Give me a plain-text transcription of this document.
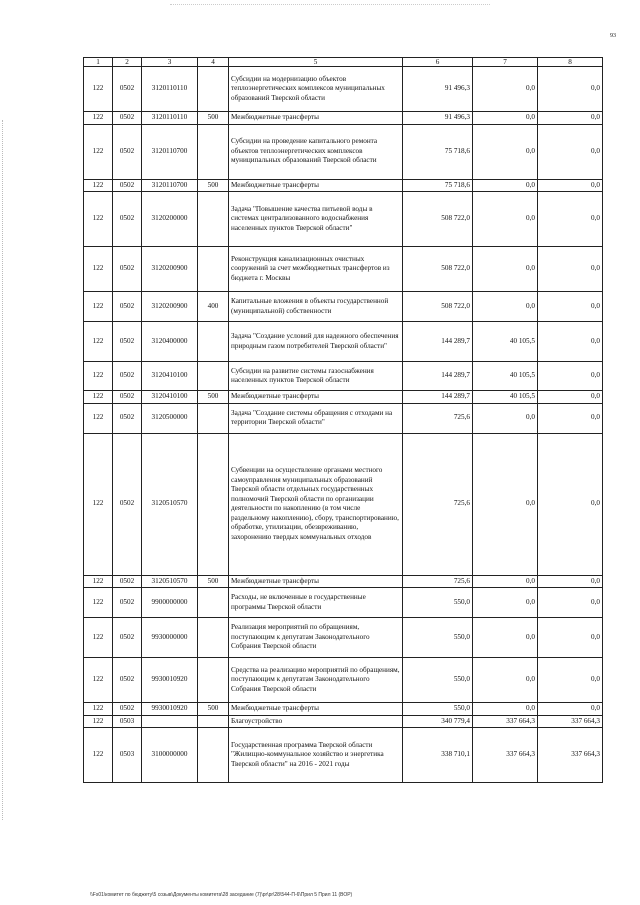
93
1	2	3	4	5	6	7	8
122	0502	3120110110		Субсидии на модернизацию объектов теплоэнергетических комплексов муниципальных образований Тверской области	91 496,3	0,0	0,0
122	0502	3120110110	500	Межбюджетные трансферты	91 496,3	0,0	0,0
122	0502	3120110700		Субсидии на проведение капитального ремонта объектов теплоэнергетических комплексов муниципальных образований Тверской области	75 718,6	0,0	0,0
122	0502	3120110700	500	Межбюджетные трансферты	75 718,6	0,0	0,0
122	0502	3120200000		Задача "Повышение качества питьевой воды в системах централизованного водоснабжения населенных пунктов Тверской области"	508 722,0	0,0	0,0
122	0502	3120200900		Реконструкция канализационных очистных сооружений за счет межбюджетных трансфертов из бюджета г. Москвы	508 722,0	0,0	0,0
122	0502	3120200900	400	Капитальные вложения в объекты государственной (муниципальной) собственности	508 722,0	0,0	0,0
122	0502	3120400000		Задача "Создание условий для надежного обеспечения природным газом потребителей Тверской области"	144 289,7	40 105,5	0,0
122	0502	3120410100		Субсидии на развитие системы газоснабжения населенных пунктов Тверской области	144 289,7	40 105,5	0,0
122	0502	3120410100	500	Межбюджетные трансферты	144 289,7	40 105,5	0,0
122	0502	3120500000		Задача "Создание системы обращения с отходами на территории Тверской области"	725,6	0,0	0,0
122	0502	3120510570		Субвенции на осуществление органами местного самоуправления муниципальных образований Тверской области отдельных государственных полномочий Тверской области по организации деятельности по накоплению (в том числе раздельному накоплению), сбору, транспортированию, обработке, утилизации, обезвреживанию, захоронению твердых коммунальных отходов	725,6	0,0	0,0
122	0502	3120510570	500	Межбюджетные трансферты	725,6	0,0	0,0
122	0502	9900000000		Расходы, не включенные в государственные программы Тверской области	550,0	0,0	0,0
122	0502	9930000000		Реализация мероприятий по обращениям, поступающим к депутатам Законодательного Собрания Тверской области	550,0	0,0	0,0
122	0502	9930010920		Средства на реализацию мероприятий по обращениям, поступающим к депутатам Законодательного Собрания Тверской области	550,0	0,0	0,0
122	0502	9930010920	500	Межбюджетные трансферты	550,0	0,0	0,0
122	0503			Благоустройство	340 779,4	337 664,3	337 664,3
122	0503	3100000000		Государственная программа Тверской области "Жилищно-коммунальное хозяйство и энергетика Тверской области" на 2016 - 2021 годы	338 710,1	337 664,3	337 664,3
\\Fs01\комитет по бюджету\5 созыв\Документы комитета\28 заседание (7)\pr\pr\28\544-П-6\Прил 5 Прил 11 (ВОР)
